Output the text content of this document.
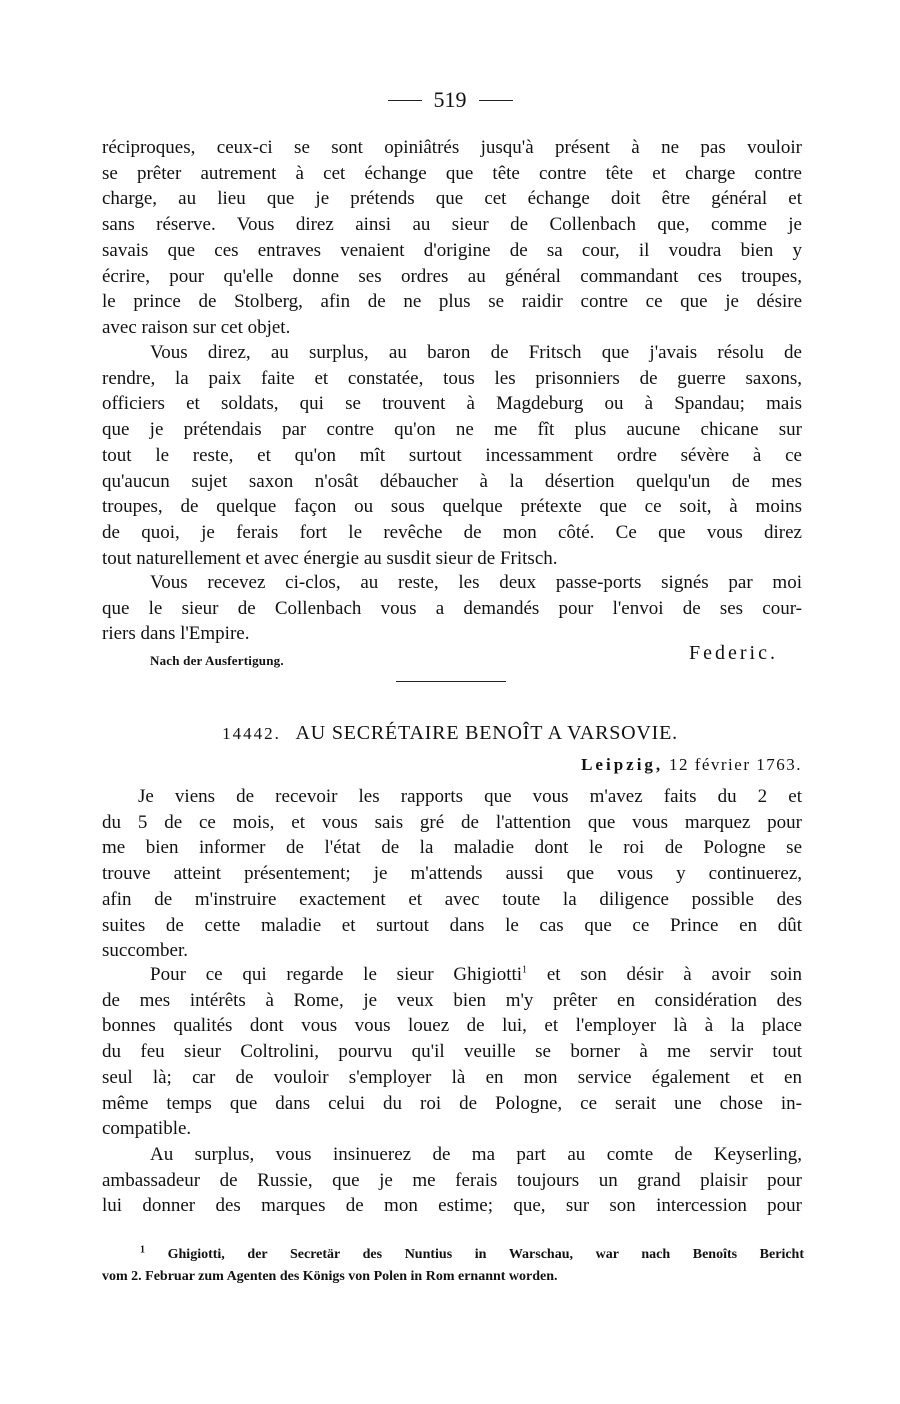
519
réciproques, ceux-ci se sont opiniâtrés jusqu'à présent à ne pas vouloir
se prêter autrement à cet échange que tête contre tête et charge contre
charge, au lieu que je prétends que cet échange doit être général et
sans réserve. Vous direz ainsi au sieur de Collenbach que, comme je
savais que ces entraves venaient d'origine de sa cour, il voudra bien y
écrire, pour qu'elle donne ses ordres au général commandant ces troupes,
le prince de Stolberg, afin de ne plus se raidir contre ce que je désire
avec raison sur cet objet.
Vous direz, au surplus, au baron de Fritsch que j'avais résolu de
rendre, la paix faite et constatée, tous les prisonniers de guerre saxons,
officiers et soldats, qui se trouvent à Magdeburg ou à Spandau; mais
que je prétendais par contre qu'on ne me fît plus aucune chicane sur
tout le reste, et qu'on mît surtout incessamment ordre sévère à ce
qu'aucun sujet saxon n'osât débaucher à la désertion quelqu'un de mes
troupes, de quelque façon ou sous quelque prétexte que ce soit, à moins
de quoi, je ferais fort le revêche de mon côté. Ce que vous direz
tout naturellement et avec énergie au susdit sieur de Fritsch.
Vous recevez ci-clos, au reste, les deux passe-ports signés par moi
que le sieur de Collenbach vous a demandés pour l'envoi de ses cour-
riers dans l'Empire.
Nach der Ausfertigung.	Federic.
14442. AU SECRÉTAIRE BENOÎT A VARSOVIE.
Leipzig, 12 février 1763.
Je viens de recevoir les rapports que vous m'avez faits du 2 et
du 5 de ce mois, et vous sais gré de l'attention que vous marquez pour
me bien informer de l'état de la maladie dont le roi de Pologne se
trouve atteint présentement; je m'attends aussi que vous y continuerez,
afin de m'instruire exactement et avec toute la diligence possible des
suites de cette maladie et surtout dans le cas que ce Prince en dût
succomber.
Pour ce qui regarde le sieur Ghigiotti$^1$ et son désir à avoir soin
de mes intérêts à Rome, je veux bien m'y prêter en considération des
bonnes qualités dont vous vous louez de lui, et l'employer là à la place
du feu sieur Coltrolini, pourvu qu'il veuille se borner à me servir tout
seul là; car de vouloir s'employer là en mon service également et en
même temps que dans celui du roi de Pologne, ce serait une chose in-
compatible.
Au surplus, vous insinuerez de ma part au comte de Keyserling,
ambassadeur de Russie, que je me ferais toujours un grand plaisir pour
lui donner des marques de mon estime; que, sur son intercession pour
$^1$ Ghigiotti, der Secretär des Nuntius in Warschau, war nach Benoîts Bericht
vom 2. Februar zum Agenten des Königs von Polen in Rom ernannt worden.
